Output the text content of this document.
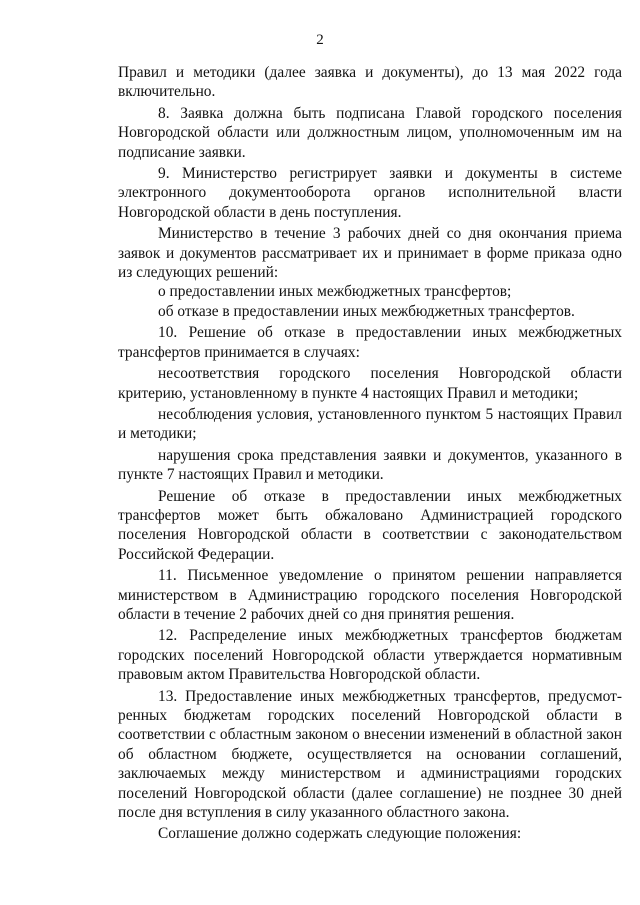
2

Правил и методики (далее заявка и документы), до 13 мая 2022 года включительно.

8. Заявка должна быть подписана Главой городского поселения Новгородской области или должностным лицом, уполномоченным им на подписание заявки.

9. Министерство регистрирует заявки и документы в системе электронного документооборота органов исполнительной власти Новгородской области в день поступления.

Министерство в течение 3 рабочих дней со дня окончания приема заявок и документов рассматривает их и принимает в форме приказа одно из следующих решений:

о предоставлении иных межбюджетных трансфертов;

об отказе в предоставлении иных межбюджетных трансфертов.

10. Решение об отказе в предоставлении иных межбюджетных трансфертов принимается в случаях:

несоответствия городского поселения Новгородской области критерию, установленному в пункте 4 настоящих Правил и методики;

несоблюдения условия, установленного пунктом 5 настоящих Правил и методики;

нарушения срока представления заявки и документов, указанного в пункте 7 настоящих Правил и методики.

Решение об отказе в предоставлении иных межбюджетных трансфертов может быть обжаловано Администрацией городского поселения Новгородской области в соответствии с законодательством Российской Федерации.

11. Письменное уведомление о принятом решении направляется министерством в Администрацию городского поселения Новгородской области в течение 2 рабочих дней со дня принятия решения.

12. Распределение иных межбюджетных трансфертов бюджетам городских поселений Новгородской области утверждается нормативным правовым актом Правительства Новгородской области.

13. Предоставление иных межбюджетных трансфертов, предусмот-ренных бюджетам городских поселений Новгородской области в соответствии с областным законом о внесении изменений в областной закон об областном бюджете, осуществляется на основании соглашений, заключаемых между министерством и администрациями городских поселений Новгородской области (далее соглашение) не позднее 30 дней после дня вступления в силу указанного областного закона.

Соглашение должно содержать следующие положения:
